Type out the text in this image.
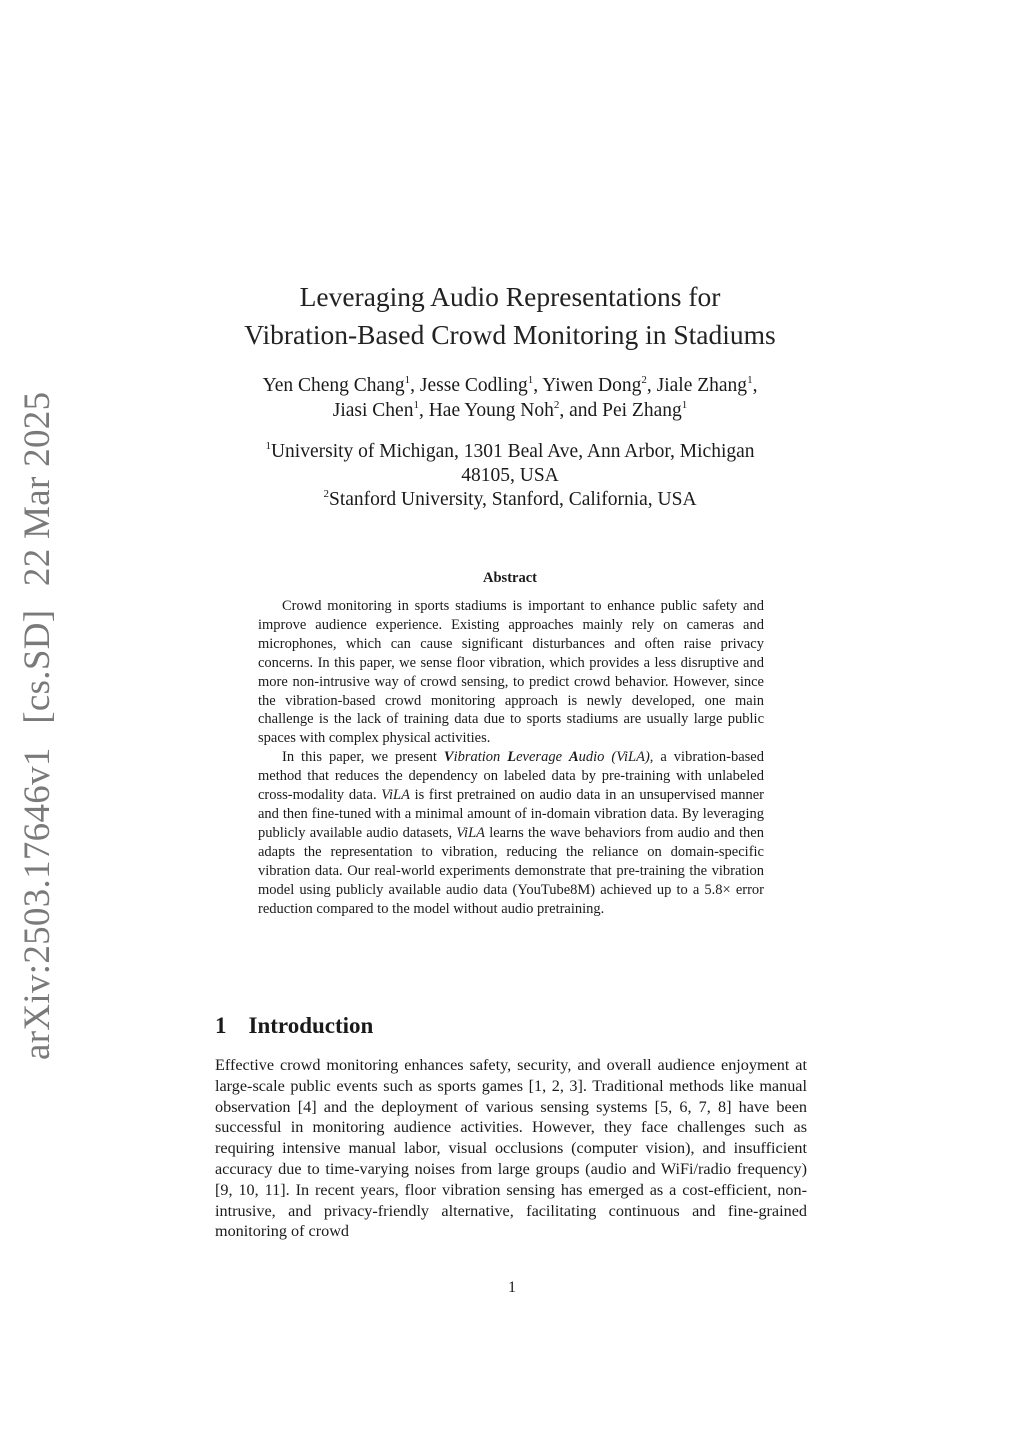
arXiv:2503.17646v1 [cs.SD] 22 Mar 2025
Leveraging Audio Representations for
Vibration-Based Crowd Monitoring in Stadiums
Yen Cheng Chang$^1$, Jesse Codling$^1$, Yiwen Dong$^2$, Jiale Zhang$^1$,
Jiasi Chen$^1$, Hae Young Noh$^2$, and Pei Zhang$^1$
$^1$University of Michigan, 1301 Beal Ave, Ann Arbor, Michigan
48105, USA
$^2$Stanford University, Stanford, California, USA
Abstract

Crowd monitoring in sports stadiums is important to enhance public safety and improve audience experience. Existing approaches mainly rely on cameras and microphones, which can cause significant disturbances and often raise privacy concerns. In this paper, we sense floor vibration, which provides a less disruptive and more non-intrusive way of crowd sensing, to predict crowd behavior. However, since the vibration-based crowd monitoring approach is newly developed, one main challenge is the lack of training data due to sports stadiums are usually large public spaces with complex physical activities.

In this paper, we present Vibration Leverage Audio (ViLA), a vibration-based method that reduces the dependency on labeled data by pre-training with unlabeled cross-modality data. ViLA is first pretrained on audio data in an unsupervised manner and then fine-tuned with a minimal amount of in-domain vibration data. By leveraging publicly available audio datasets, ViLA learns the wave behaviors from audio and then adapts the representation to vibration, reducing the reliance on domain-specific vibration data. Our real-world experiments demonstrate that pre-training the vibration model using publicly available audio data (YouTube8M) achieved up to a 5.8× error reduction compared to the model without audio pretraining.

1 Introduction

Effective crowd monitoring enhances safety, security, and overall audience enjoyment at large-scale public events such as sports games [1, 2, 3]. Traditional methods like manual observation [4] and the deployment of various sensing systems [5, 6, 7, 8] have been successful in monitoring audience activities. However, they face challenges such as requiring intensive manual labor, visual occlusions (computer vision), and insufficient accuracy due to time-varying noises from large groups (audio and WiFi/radio frequency) [9, 10, 11]. In recent years, floor vibration sensing has emerged as a cost-efficient, non-intrusive, and privacy-friendly alternative, facilitating continuous and fine-grained monitoring of crowd

1
